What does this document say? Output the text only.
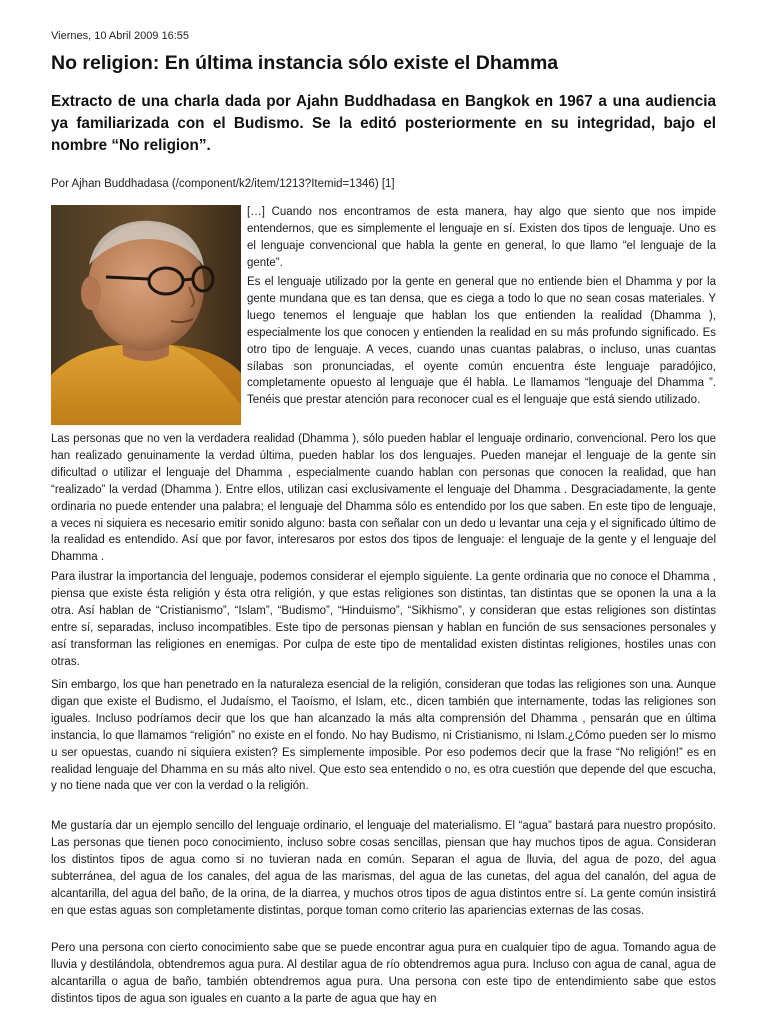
Viernes, 10 Abril 2009 16:55
No religion: En última instancia sólo existe el Dhamma

Extracto de una charla dada por Ajahn Buddhadasa en Bangkok en 1967 a una audiencia ya familiarizada con el Budismo. Se la editó posteriormente en su integridad, bajo el nombre “No religion”.

Por Ajhan Buddhadasa (/component/k2/item/1213?Itemid=1346) [1]

[…] Cuando nos encontramos de esta manera, hay algo que siento que nos impide entendernos, que es simplemente el lenguaje en sí. Existen dos tipos de lenguaje. Uno es el lenguaje convencional que habla la gente en general, lo que llamo “el lenguaje de la gente”.

Es el lenguaje utilizado por la gente en general que no entiende bien el Dhamma y por la gente mundana que es tan densa, que es ciega a todo lo que no sean cosas materiales. Y luego tenemos el lenguaje que hablan los que entienden la realidad (Dhamma ), especialmente los que conocen y entienden la realidad en su más profundo significado. Es otro tipo de lenguaje. A veces, cuando unas cuantas palabras, o incluso, unas cuantas sílabas son pronunciadas, el oyente común encuentra éste lenguaje paradójico, completamente opuesto al lenguaje que él habla. Le llamamos “lenguaje del Dhamma ”. Tenéis que prestar atención para reconocer cual es el lenguaje que está siendo utilizado.

Las personas que no ven la verdadera realidad (Dhamma ), sólo pueden hablar el lenguaje ordinario, convencional. Pero los que han realizado genuinamente la verdad última, pueden hablar los dos lenguajes. Pueden manejar el lenguaje de la gente sin dificultad o utilizar el lenguaje del Dhamma , especialmente cuando hablan con personas que conocen la realidad, que han “realizado” la verdad (Dhamma ). Entre ellos, utilizan casi exclusivamente el lenguaje del Dhamma . Desgraciadamente, la gente ordinaria no puede entender una palabra; el lenguaje del Dhamma sólo es entendido por los que saben. En este tipo de lenguaje, a veces ni siquiera es necesario emitir sonido alguno: basta con señalar con un dedo u levantar una ceja y el significado último de la realidad es entendido. Así que por favor, interesaros por estos dos tipos de lenguaje: el lenguaje de la gente y el lenguaje del Dhamma .

Para ilustrar la importancia del lenguaje, podemos considerar el ejemplo siguiente. La gente ordinaria que no conoce el Dhamma , piensa que existe ésta religión y ésta otra religión, y que estas religiones son distintas, tan distintas que se oponen la una a la otra. Así hablan de “Cristianismo”, “Islam”, “Budismo”, “Hinduismo”, “Sikhismo”, y consideran que estas religiones son distintas entre sí, separadas, incluso incompatibles. Este tipo de personas piensan y hablan en función de sus sensaciones personales y así transforman las religiones en enemigas. Por culpa de este tipo de mentalidad existen distintas religiones, hostiles unas con otras.

Sin embargo, los que han penetrado en la naturaleza esencial de la religión, consideran que todas las religiones son una. Aunque digan que existe el Budismo, el Judaísmo, el Taoísmo, el Islam, etc., dicen también que internamente, todas las religiones son iguales. Incluso podríamos decir que los que han alcanzado la más alta comprensión del Dhamma , pensarán que en última instancia, lo que llamamos “religión” no existe en el fondo. No hay Budismo, ni Cristianismo, ni Islam.¿Cómo pueden ser lo mismo u ser opuestas, cuando ni siquiera existen? Es simplemente imposible. Por eso podemos decir que la frase “No religión!” es en realidad lenguaje del Dhamma en su más alto nivel. Que esto sea entendido o no, es otra cuestión que depende del que escucha, y no tiene nada que ver con la verdad o la religión.

Me gustaría dar un ejemplo sencillo del lenguaje ordinario, el lenguaje del materialismo. El “agua” bastará para nuestro propósito. Las personas que tienen poco conocimiento, incluso sobre cosas sencillas, piensan que hay muchos tipos de agua. Consideran los distintos tipos de agua como si no tuvieran nada en común. Separan el agua de lluvia, del agua de pozo, del agua subterránea, del agua de los canales, del agua de las marismas, del agua de las cunetas, del agua del canalón, del agua de alcantarilla, del agua del baño, de la orina, de la diarrea, y muchos otros tipos de agua distintos entre sí. La gente común insistirá en que estas aguas son completamente distintas, porque toman como criterio las apariencias externas de las cosas.

Pero una persona con cierto conocimiento sabe que se puede encontrar agua pura en cualquier tipo de agua. Tomando agua de lluvia y destilándola, obtendremos agua pura. Al destilar agua de río obtendremos agua pura. Incluso con agua de canal, agua de alcantarilla o agua de baño, también obtendremos agua pura. Una persona con este tipo de entendimiento sabe que estos distintos tipos de agua son iguales en cuanto a la parte de agua que hay en
